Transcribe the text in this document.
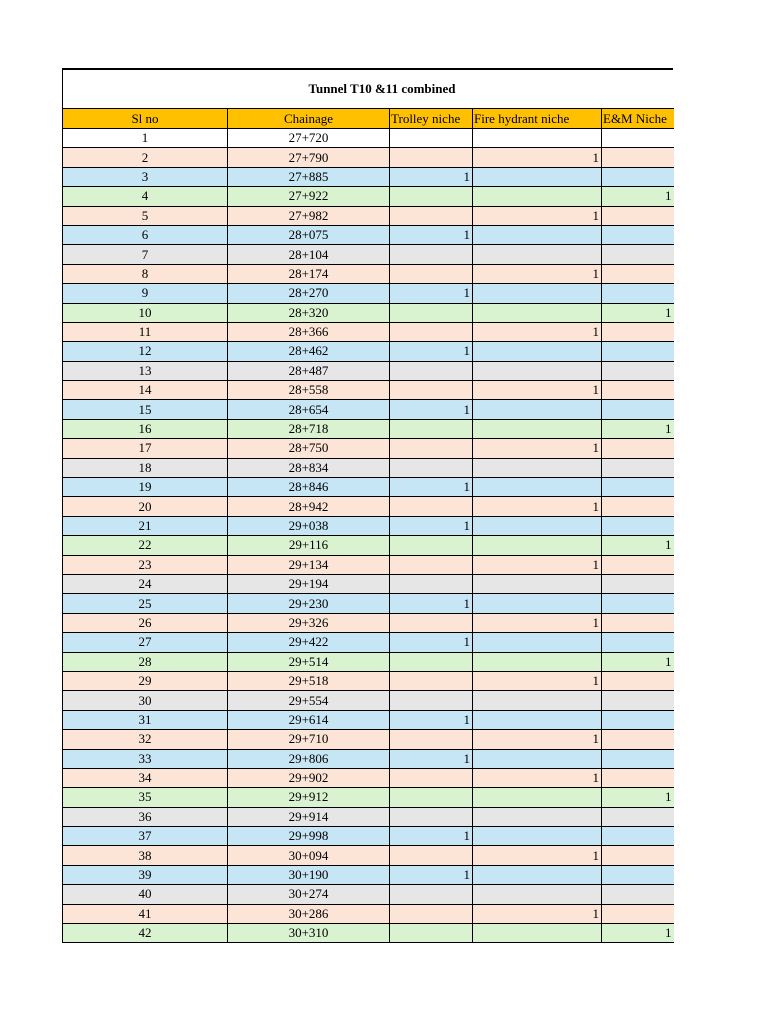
Tunnel T10 &11 combined
Sl no	Chainage	Trolley niche	Fire hydrant niche	E&M Niche
1	27+720			
2	27+790		1	
3	27+885	1		
4	27+922			1
5	27+982		1	
6	28+075	1		
7	28+104			
8	28+174		1	
9	28+270	1		
10	28+320			1
11	28+366		1	
12	28+462	1		
13	28+487			
14	28+558		1	
15	28+654	1		
16	28+718			1
17	28+750		1	
18	28+834			
19	28+846	1		
20	28+942		1	
21	29+038	1		
22	29+116			1
23	29+134		1	
24	29+194			
25	29+230	1		
26	29+326		1	
27	29+422	1		
28	29+514			1
29	29+518		1	
30	29+554			
31	29+614	1		
32	29+710		1	
33	29+806	1		
34	29+902		1	
35	29+912			1
36	29+914			
37	29+998	1		
38	30+094		1	
39	30+190	1		
40	30+274			
41	30+286		1	
42	30+310			1
